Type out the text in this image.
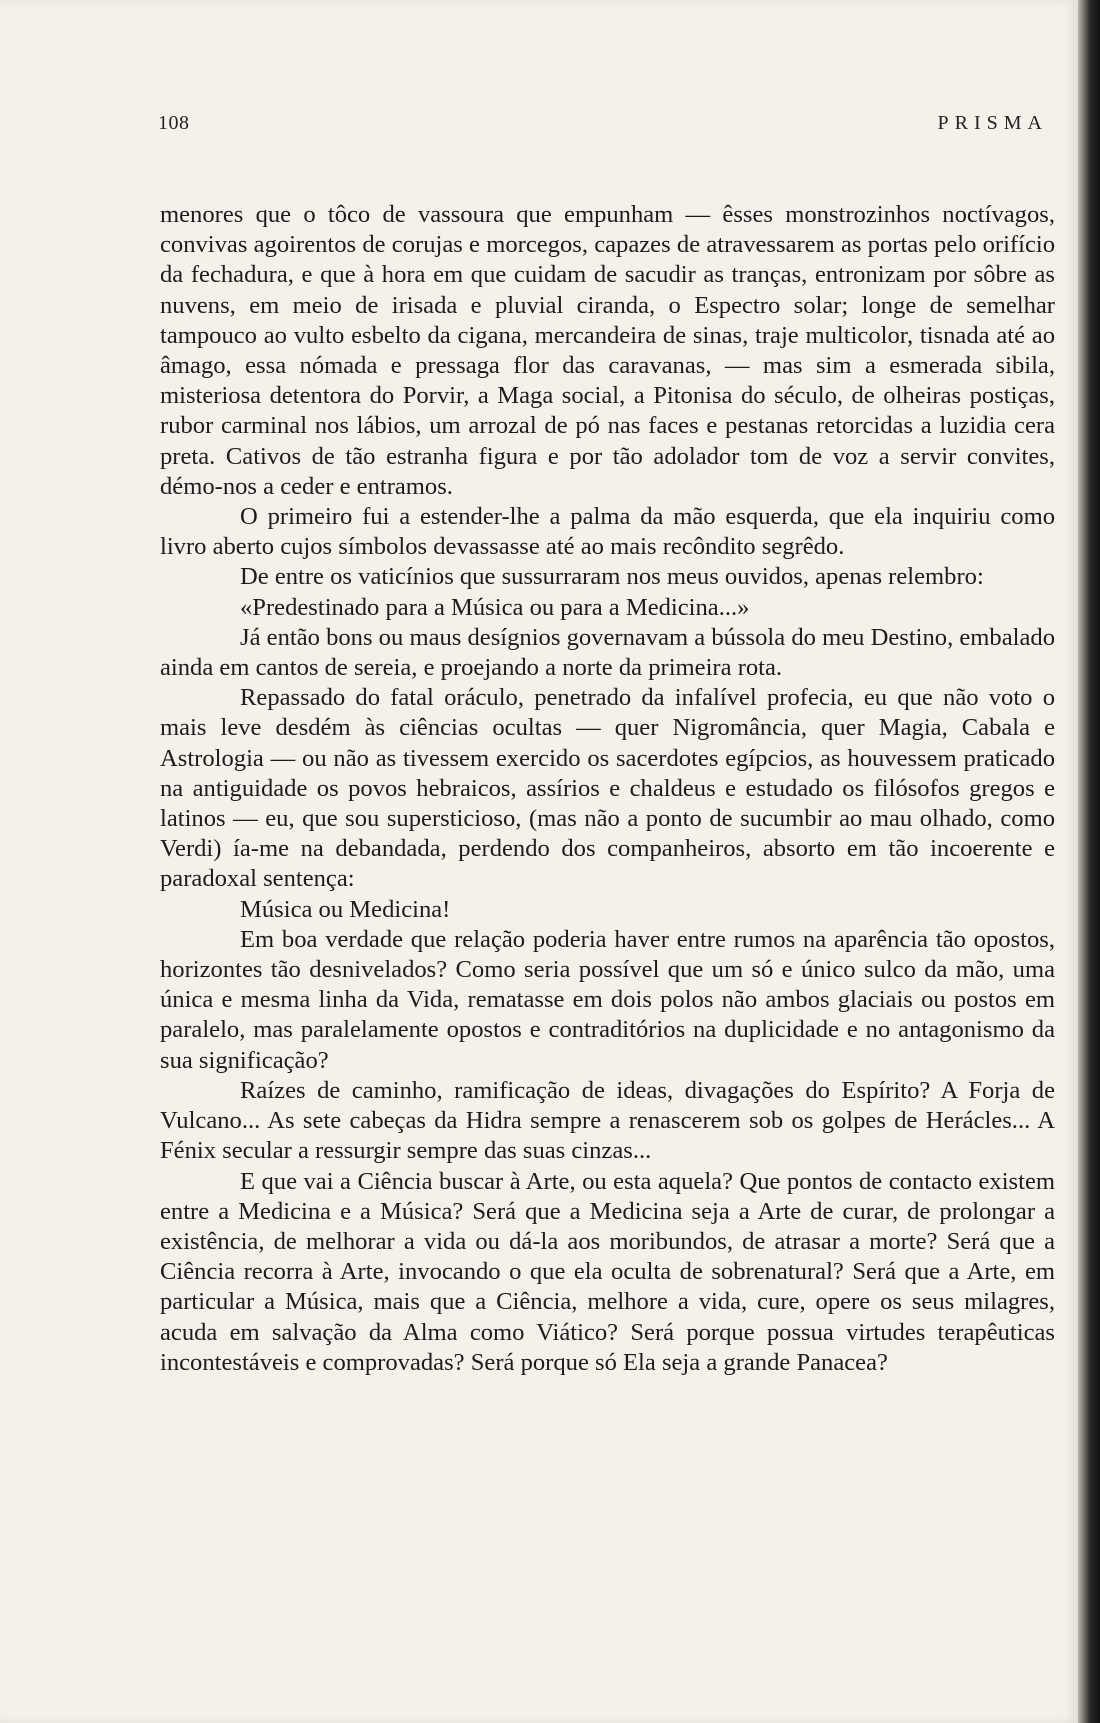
108	PRISMA

menores que o tôco de vassoura que empunham — êsses monstrozinhos noctívagos, convivas agoirentos de corujas e morcegos, capazes de atravessarem as portas pelo orifício da fechadura, e que à hora em que cuidam de sacudir as tranças, entronizam por sôbre as nuvens, em meio de irisada e pluvial ciranda, o Espectro solar; longe de semelhar tampouco ao vulto esbelto da cigana, mercandeira de sinas, traje multicolor, tisnada até ao âmago, essa nómada e pressaga flor das caravanas, — mas sim a esmerada sibila, misteriosa detentora do Porvir, a Maga social, a Pitonisa do século, de olheiras postiças, rubor carminal nos lábios, um arrozal de pó nas faces e pestanas retorcidas a luzidia cera preta. Cativos de tão estranha figura e por tão adolador tom de voz a servir convites, démo-nos a ceder e entramos.

O primeiro fui a estender-lhe a palma da mão esquerda, que ela inquiriu como livro aberto cujos símbolos devassasse até ao mais recôndito segrêdo.

De entre os vaticínios que sussurraram nos meus ouvidos, apenas relembro:

«Predestinado para a Música ou para a Medicina...»

Já então bons ou maus desígnios governavam a bússola do meu Destino, embalado ainda em cantos de sereia, e proejando a norte da primeira rota.

Repassado do fatal oráculo, penetrado da infalível profecia, eu que não voto o mais leve desdém às ciências ocultas — quer Nigromância, quer Magia, Cabala e Astrologia — ou não as tivessem exercido os sacerdotes egípcios, as houvessem praticado na antiguidade os povos hebraicos, assírios e chaldeus e estudado os filósofos gregos e latinos — eu, que sou supersticioso, (mas não a ponto de sucumbir ao mau olhado, como Verdi) ía-me na debandada, perdendo dos companheiros, absorto em tão incoerente e paradoxal sentença:

Música ou Medicina!

Em boa verdade que relação poderia haver entre rumos na aparência tão opostos, horizontes tão desnivelados? Como seria possível que um só e único sulco da mão, uma única e mesma linha da Vida, rematasse em dois polos não ambos glaciais ou postos em paralelo, mas paralelamente opostos e contraditórios na duplicidade e no antagonismo da sua significação?

Raízes de caminho, ramificação de ideas, divagações do Espírito? A Forja de Vulcano... As sete cabeças da Hidra sempre a renascerem sob os golpes de Herácles... A Fénix secular a ressurgir sempre das suas cinzas...

E que vai a Ciência buscar à Arte, ou esta aquela? Que pontos de contacto existem entre a Medicina e a Música? Será que a Medicina seja a Arte de curar, de prolongar a existência, de melhorar a vida ou dá-la aos moribundos, de atrasar a morte? Será que a Ciência recorra à Arte, invocando o que ela oculta de sobrenatural? Será que a Arte, em particular a Música, mais que a Ciência, melhore a vida, cure, opere os seus milagres, acuda em salvação da Alma como Viático? Será porque possua virtudes terapêuticas incontestáveis e comprovadas? Será porque só Ela seja a grande Panacea?
